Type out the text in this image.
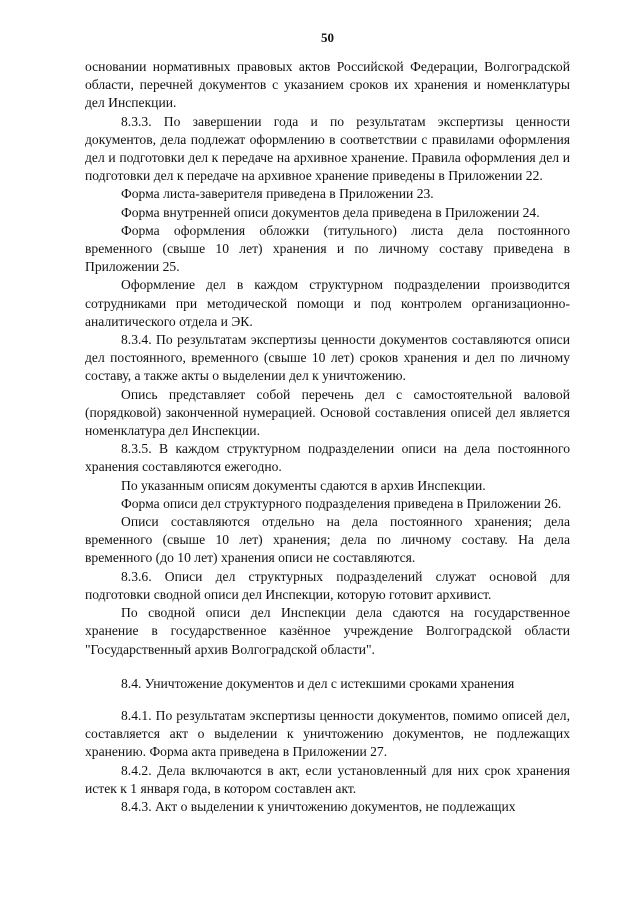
50

основании нормативных правовых актов Российской Федерации, Волгоградской области, перечней документов с указанием сроков их хранения и номенклатуры дел Инспекции.

8.3.3. По завершении года и по результатам экспертизы ценности документов, дела подлежат оформлению в соответствии с правилами оформления дел и подготовки дел к передаче на архивное хранение. Правила оформления дел и подготовки дел к передаче на архивное хранение приведены в Приложении 22.

Форма листа-заверителя приведена в Приложении 23.

Форма внутренней описи документов дела приведена в Приложении 24.

Форма оформления обложки (титульного) листа дела постоянного временного (свыше 10 лет) хранения и по личному составу приведена в Приложении 25.

Оформление дел в каждом структурном подразделении производится сотрудниками при методической помощи и под контролем организационно-аналитического отдела и ЭК.

8.3.4. По результатам экспертизы ценности документов составляются описи дел постоянного, временного (свыше 10 лет) сроков хранения и дел по личному составу, а также акты о выделении дел к уничтожению.

Опись представляет собой перечень дел с самостоятельной валовой (порядковой) законченной нумерацией. Основой составления описей дел является номенклатура дел Инспекции.

8.3.5. В каждом структурном подразделении описи на дела постоянного хранения составляются ежегодно.

По указанным описям документы сдаются в архив Инспекции.

Форма описи дел структурного подразделения приведена в Приложении 26.

Описи составляются отдельно на дела постоянного хранения; дела временного (свыше 10 лет) хранения; дела по личному составу. На дела временного (до 10 лет) хранения описи не составляются.

8.3.6. Описи дел структурных подразделений служат основой для подготовки сводной описи дел Инспекции, которую готовит архивист.

По сводной описи дел Инспекции дела сдаются на государственное хранение в государственное казённое учреждение Волгоградской области "Государственный архив Волгоградской области".

8.4. Уничтожение документов и дел с истекшими сроками хранения

8.4.1. По результатам экспертизы ценности документов, помимо описей дел, составляется акт о выделении к уничтожению документов, не подлежащих хранению. Форма акта приведена в Приложении 27.

8.4.2. Дела включаются в акт, если установленный для них срок хранения истек к 1 января года, в котором составлен акт.

8.4.3. Акт о выделении к уничтожению документов, не подлежащих
